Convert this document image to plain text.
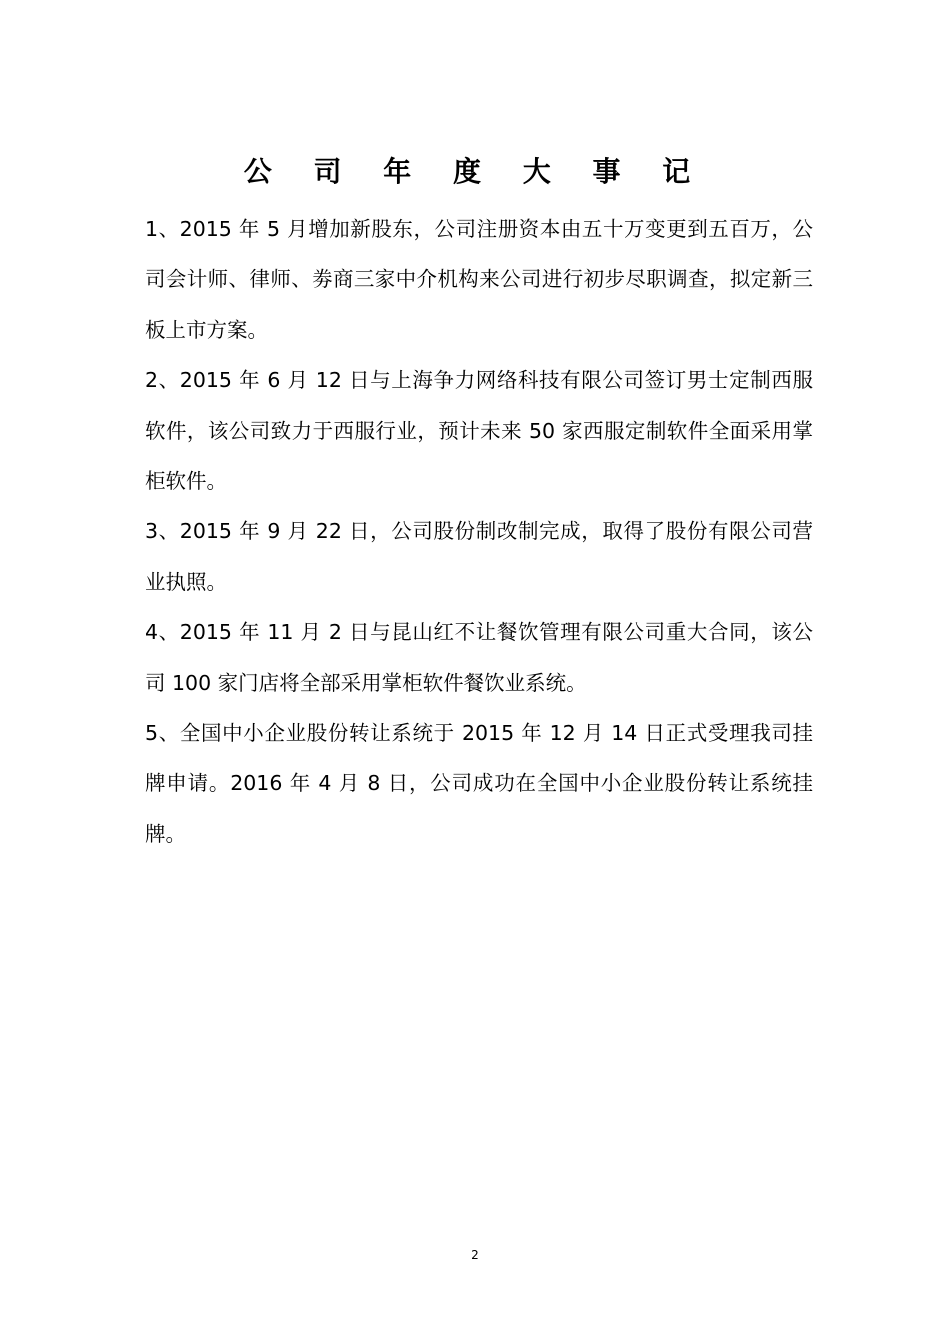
公 司 年 度 大 事 记
1、2015 年 5 月增加新股东，公司注册资本由五十万变更到五百万，公司会计师、律师、劵商三家中介机构来公司进行初步尽职调查，拟定新三板上市方案。
2、2015 年 6 月 12 日与上海争力网络科技有限公司签订男士定制西服软件，该公司致力于西服行业，预计未来 50 家西服定制软件全面采用掌柜软件。
3、2015 年 9 月 22 日，公司股份制改制完成，取得了股份有限公司营业执照。
4、2015 年 11 月 2 日与昆山红不让餐饮管理有限公司重大合同，该公司 100 家门店将全部采用掌柜软件餐饮业系统。
5、全国中小企业股份转让系统于 2015 年 12 月 14 日正式受理我司挂牌申请。2016 年 4 月 8 日，公司成功在全国中小企业股份转让系统挂牌。
2
